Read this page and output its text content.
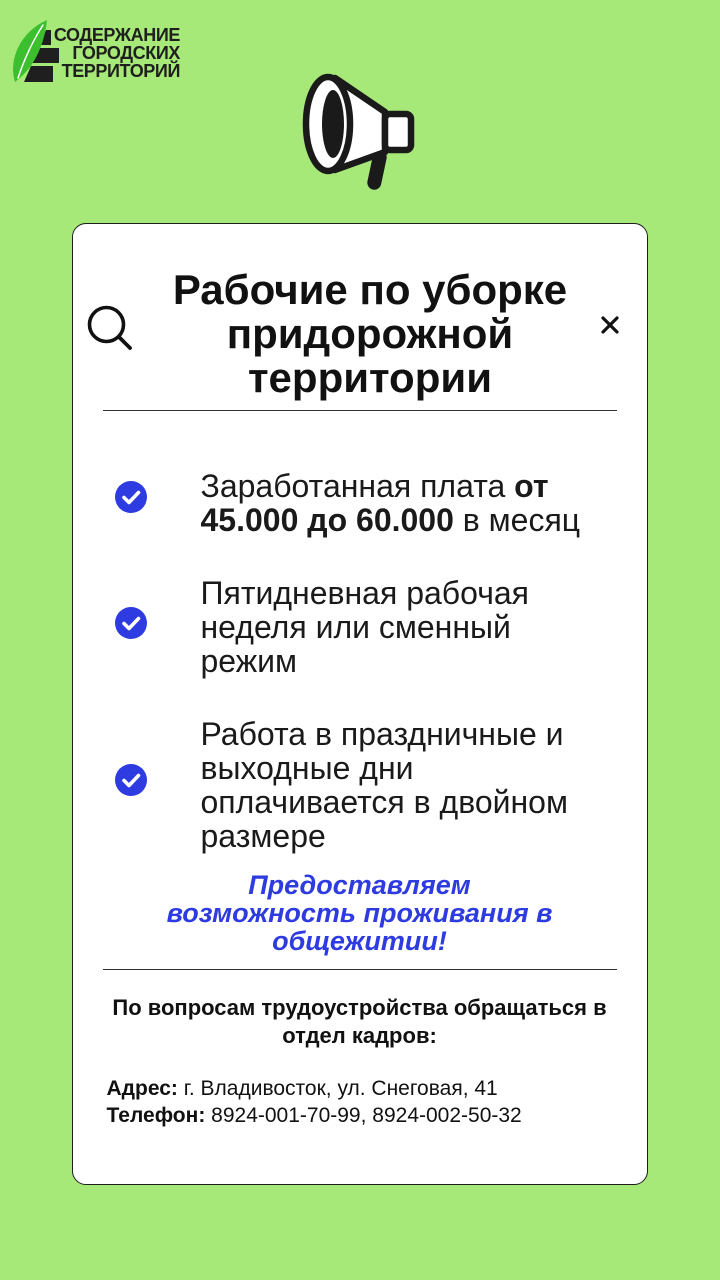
СОДЕРЖАНИЕ
ГОРОДСКИХ
ТЕРРИТОРИЙ
Рабочие по уборке придорожной территории
Заработанная плата от
45.000 до 60.000 в месяц
Пятидневная рабочая
неделя или сменный
режим
Работа в праздничные и
выходные дни
оплачивается в двойном
размере
Предоставляем
возможность проживания в
общежитии!
По вопросам трудоустройства обращаться в
отдел кадров:
Адрес: г. Владивосток, ул. Снеговая, 41
Телефон: 8924-001-70-99, 8924-002-50-32
